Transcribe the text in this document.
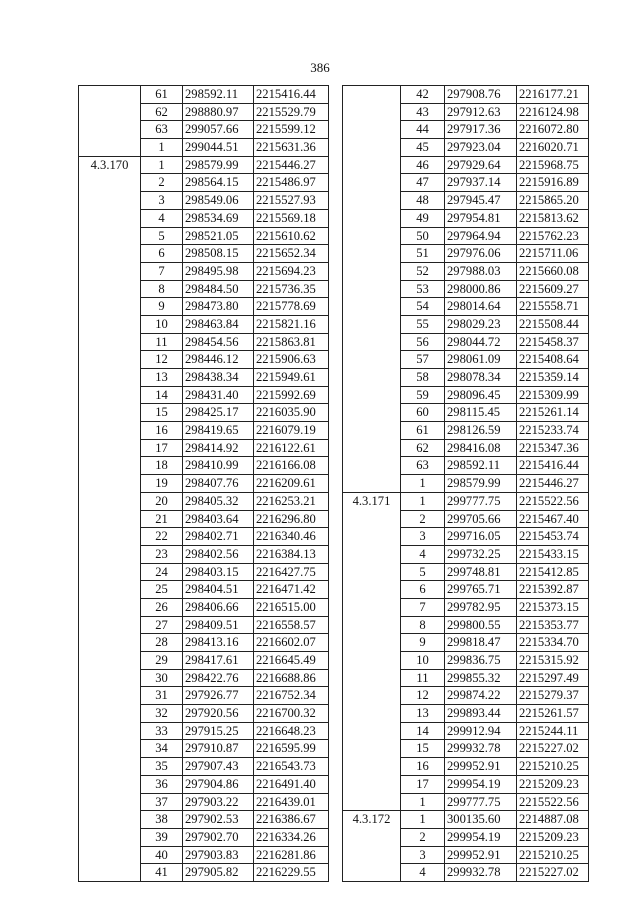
386
	61	298592.11	2215416.44
	62	298880.97	2215529.79
	63	299057.66	2215599.12
	1	299044.51	2215631.36
4.3.170	1	298579.99	2215446.27
	2	298564.15	2215486.97
	3	298549.06	2215527.93
	4	298534.69	2215569.18
	5	298521.05	2215610.62
	6	298508.15	2215652.34
	7	298495.98	2215694.23
	8	298484.50	2215736.35
	9	298473.80	2215778.69
	10	298463.84	2215821.16
	11	298454.56	2215863.81
	12	298446.12	2215906.63
	13	298438.34	2215949.61
	14	298431.40	2215992.69
	15	298425.17	2216035.90
	16	298419.65	2216079.19
	17	298414.92	2216122.61
	18	298410.99	2216166.08
	19	298407.76	2216209.61
	20	298405.32	2216253.21
	21	298403.64	2216296.80
	22	298402.71	2216340.46
	23	298402.56	2216384.13
	24	298403.15	2216427.75
	25	298404.51	2216471.42
	26	298406.66	2216515.00
	27	298409.51	2216558.57
	28	298413.16	2216602.07
	29	298417.61	2216645.49
	30	298422.76	2216688.86
	31	297926.77	2216752.34
	32	297920.56	2216700.32
	33	297915.25	2216648.23
	34	297910.87	2216595.99
	35	297907.43	2216543.73
	36	297904.86	2216491.40
	37	297903.22	2216439.01
	38	297902.53	2216386.67
	39	297902.70	2216334.26
	40	297903.83	2216281.86
	41	297905.82	2216229.55
	42	297908.76	2216177.21
	43	297912.63	2216124.98
	44	297917.36	2216072.80
	45	297923.04	2216020.71
	46	297929.64	2215968.75
	47	297937.14	2215916.89
	48	297945.47	2215865.20
	49	297954.81	2215813.62
	50	297964.94	2215762.23
	51	297976.06	2215711.06
	52	297988.03	2215660.08
	53	298000.86	2215609.27
	54	298014.64	2215558.71
	55	298029.23	2215508.44
	56	298044.72	2215458.37
	57	298061.09	2215408.64
	58	298078.34	2215359.14
	59	298096.45	2215309.99
	60	298115.45	2215261.14
	61	298126.59	2215233.74
	62	298416.08	2215347.36
	63	298592.11	2215416.44
	1	298579.99	2215446.27
4.3.171	1	299777.75	2215522.56
	2	299705.66	2215467.40
	3	299716.05	2215453.74
	4	299732.25	2215433.15
	5	299748.81	2215412.85
	6	299765.71	2215392.87
	7	299782.95	2215373.15
	8	299800.55	2215353.77
	9	299818.47	2215334.70
	10	299836.75	2215315.92
	11	299855.32	2215297.49
	12	299874.22	2215279.37
	13	299893.44	2215261.57
	14	299912.94	2215244.11
	15	299932.78	2215227.02
	16	299952.91	2215210.25
	17	299954.19	2215209.23
	1	299777.75	2215522.56
4.3.172	1	300135.60	2214887.08
	2	299954.19	2215209.23
	3	299952.91	2215210.25
	4	299932.78	2215227.02
